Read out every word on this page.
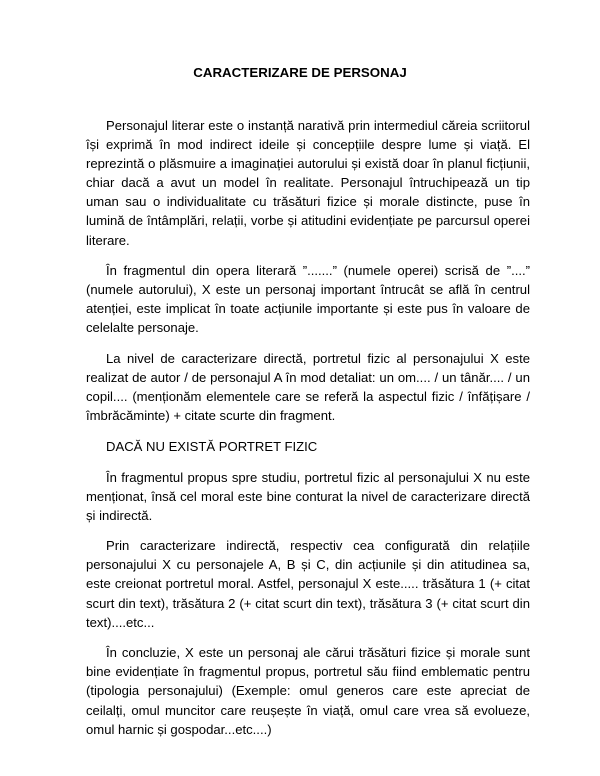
CARACTERIZARE DE PERSONAJ

Personajul literar este o instanță narativă prin intermediul căreia scriitorul își exprimă în mod indirect ideile și concepțiile despre lume și viață. El reprezintă o plăsmuire a imaginației autorului și există doar în planul ficțiunii, chiar dacă a avut un model în realitate. Personajul întruchipează un tip uman sau o individualitate cu trăsături fizice și morale distincte, puse în lumină de întâmplări, relații, vorbe și atitudini evidențiate pe parcursul operei literare.

În fragmentul din opera literară ”.......” (numele operei) scrisă de ”....” (numele autorului), X este un personaj important întrucât se află în centrul atenției, este implicat în toate acțiunile importante și este pus în valoare de celelalte personaje.

La nivel de caracterizare directă, portretul fizic al personajului X este realizat de autor / de personajul A în mod detaliat: un om.... / un tânăr.... / un copil.... (menționăm elementele care se referă la aspectul fizic / înfățișare / îmbrăcăminte) + citate scurte din fragment.

DACĂ NU EXISTĂ PORTRET FIZIC

În fragmentul propus spre studiu, portretul fizic al personajului X nu este menționat, însă cel moral este bine conturat la nivel de caracterizare directă și indirectă.

Prin caracterizare indirectă, respectiv cea configurată din relațiile personajului X cu personajele A, B și C, din acțiunile și din atitudinea sa, este creionat portretul moral. Astfel, personajul X este..... trăsătura 1 (+ citat scurt din text), trăsătura 2 (+ citat scurt din text), trăsătura 3 (+ citat scurt din text)....etc...

În concluzie, X este un personaj ale cărui trăsături fizice și morale sunt bine evidențiate în fragmentul propus, portretul său fiind emblematic pentru (tipologia personajului) (Exemple: omul generos care este apreciat de ceilalți, omul muncitor care reușește în viață, omul care vrea să evolueze, omul harnic și gospodar...etc....)
